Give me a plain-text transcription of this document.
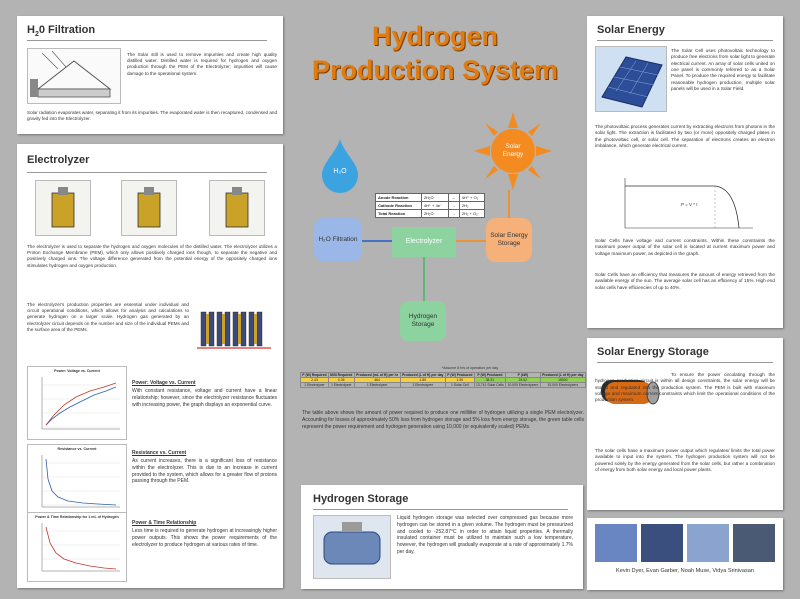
$H_20$ Filtration
The Solar still is used to remove impurities and create high quality distilled water. Distilled water is required for hydrogen and oxygen production through the PEM of the Electrolyzer; impurities will cause damage to the operational system.
Solar radiation evaporates water, separating it from its impurities. The evaporated water is then recaptured, condensed and gravity fed into the Electrolyzer.
Electrolyzer
The electrolyzer is used to separate the hydrogen and oxygen molecules of the distilled water. The electrolyzer utilizes a Proton Exchange Membrane (PEM), which only allows positively charged ions though, to separate the negative and positively charged ions. The voltage difference generated from the potential energy of the oppositely charged ions stimulates hydrogen and oxygen production.
The electrolyzer's production properties are essential under individual and circuit operational conditions, which allows for analysis and calculations to generate hydrogen on a larger scale. Hydrogen gas generated by an electrolyzer circuit depends on the number and size of the individual PEMs and the surface area of the PEMs.
Power: Voltage vs. Current
Power: Voltage vs. Current
With constant resistance, voltage and current have a linear relationship; however, since the electrolyzer resistance fluctuates with increasing power, the graph displays an exponential curve.
Resistance vs. Current
Resistance vs. Current
As current increases, there is a significant loss of resistance within the electrolyzer. This is due to an increase in current provided to the system, which allows for a greater flow of protons passing through the PEM.
Power & Time Relationship for 1 mL of Hydrogen
Power & Time Relationship
Less time is required to generate hydrogen at increasingly higher power outputs. This shows the power requirements of the electrolyzer to produce hydrogen at various rates of time.
Hydrogen
Production System
H₂O
Solar Energy
Anode Reaction	2H₂O	→	4H⁺ + O₂
Cathode Reaction	4H⁺ + 4e⁻	→	2H₂
Total Reaction	2H₂O	→	2H₂ + O₂
H₂O Filtration	Electrolyzer
Solar Energy Storage
Hydrogen Storage
*Assume 8 hrs of operation per day
P (W) Required	Milli Required	Produced (mL of H) per hr	Produced (L of H) per day	P (W) Produced	P (W) Produced	P (kW)	Produced (L of H) per day
2.43	0.35	464	1.85	1.55	38.31	24.52	18500
1 Electrolyzer	1 Electrolyzer	1 Electrolyzer	1 Electrolyzer	1 Solar Cell	13,741 Solar Cells	10,000 Electrolyzers	10,000 Electrolyzers
The table above shows the amount of power required to produce one milliliter of hydrogen utilizing a single PEM electrolyzer. Accounting for losses of approximately 50% loss from hydrogen storage and 5% loss from energy storage, the green table cells represent the power requirement and hydrogen generation using 10,000 (or equivalently scaled) PEMs.
Hydrogen Storage
Liquid hydrogen storage was selected over compressed gas because more hydrogen can be stored in a given volume. The hydrogen must be pressurized and cooled to -252.87°C in order to attain liquid properties. A thermally insulated container must be utilized to maintain such a low temperature, however, the hydrogen will gradually evaporate at a rate of approximately 1.7% per day.
Solar Energy
The Solar Cell uses photovoltaic technology to produce free electrons from solar light to generate electrical current. An array of solar cells united on one panel is commonly referred to as a Solar Panel. To produce the required energy to facilitate reasonable hydrogen production, multiple solar panels will be used in a Solar Field.
The photovoltaic process generates current by extracting electrons from photons in the solar light. The extraction is facilitated by two (or more) oppositely charged plates in the photovoltaic cell, or solar cell. The separation of electrons creates an electron imbalance, which generate electrical current.
P = V * I
Solar Cells have voltage and current constraints. Within these constraints the maximum power output of the solar cell is located at current maximum power and voltage maximum power, as depicted in the graph.
Solar Cells have an efficiency that measures the amount of energy retrieved from the available energy of the sun. The average solar cell has an efficiency of 15%. High end solar cells have efficiencies of up to 40%.
Solar Energy Storage
To ensure the power circulating through the hydrogen production circuit is within all design constraints, the solar energy will be stored and regulated into the production system. The PEM is built with maximum voltage and maximum current constraints which limit the operational conditions of the production system.
The solar cells have a maximum power output which regulates/ limits the total power available to input into the system. The hydrogen production system will not be powered solely by the energy generated from the solar cells, but rather a combination of energy from both solar energy and local power plants.
Kevin Dyer, Evan Garber, Noah Muse, Vidya Srinivasan
